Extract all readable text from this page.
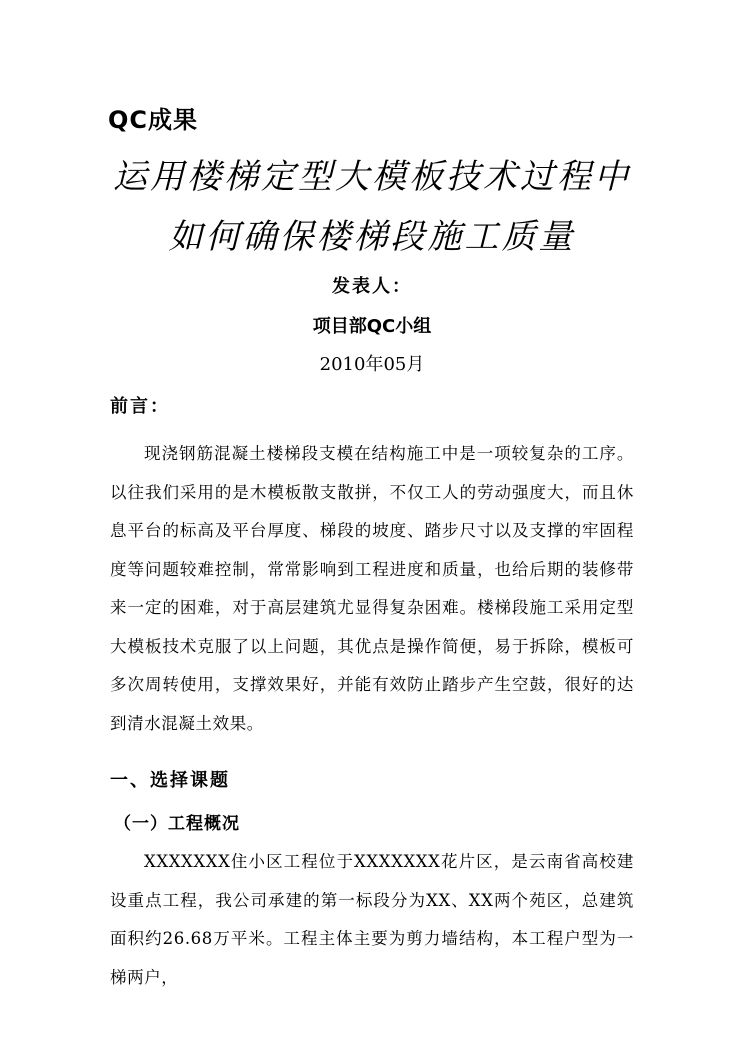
QC成果
运用楼梯定型大模板技术过程中
如何确保楼梯段施工质量
发表人：
项目部QC小组
2010年05月
前言：
现浇钢筋混凝土楼梯段支模在结构施工中是一项较复杂的工序。以往我们采用的是木模板散支散拼，不仅工人的劳动强度大，而且休息平台的标高及平台厚度、梯段的坡度、踏步尺寸以及支撑的牢固程度等问题较难控制，常常影响到工程进度和质量，也给后期的装修带来一定的困难，对于高层建筑尤显得复杂困难。楼梯段施工采用定型大模板技术克服了以上问题，其优点是操作简便，易于拆除，模板可多次周转使用，支撑效果好，并能有效防止踏步产生空鼓，很好的达到清水混凝土效果。
一、选择课题
（一）工程概况
XXXXXXX住小区工程位于XXXXXXX花片区，是云南省高校建设重点工程，我公司承建的第一标段分为XX、XX两个苑区，总建筑面积约26.68万平米。工程主体主要为剪力墙结构，本工程户型为一梯两户，
